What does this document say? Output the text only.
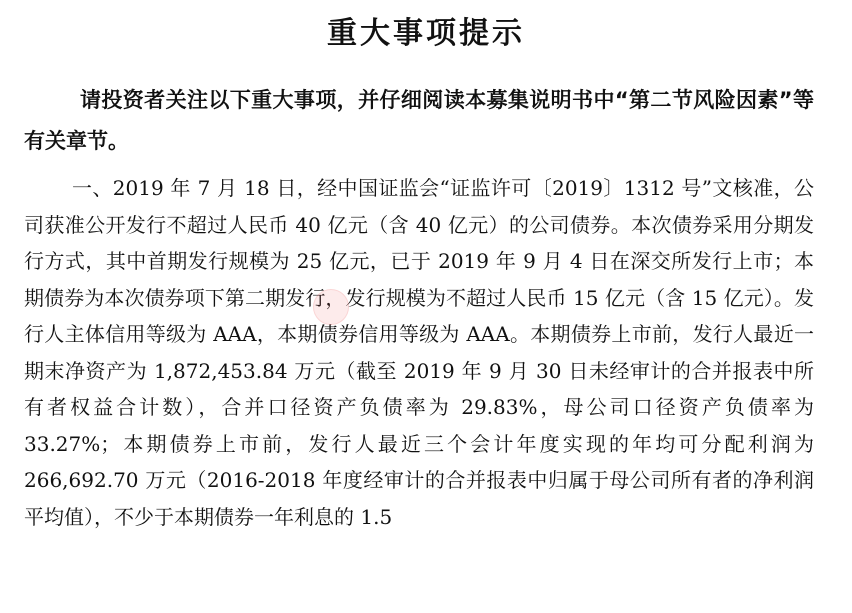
重大事项提示
请投资者关注以下重大事项，并仔细阅读本募集说明书中“第二节风险因素”等有关章节。
一、2019 年 7 月 18 日，经中国证监会“证监许可〔2019〕1312 号”文核准，公司获准公开发行不超过人民币 40 亿元（含 40 亿元）的公司债券。本次债券采用分期发行方式，其中首期发行规模为 25 亿元，已于 2019 年 9 月 4 日在深交所发行上市；本期债券为本次债券项下第二期发行，发行规模为不超过人民币 15 亿元（含 15 亿元）。发行人主体信用等级为 AAA，本期债券信用等级为 AAA。本期债券上市前，发行人最近一期末净资产为 1,872,453.84 万元（截至 2019 年 9 月 30 日未经审计的合并报表中所有者权益合计数），合并口径资产负债率为 29.83%，母公司口径资产负债率为 33.27%；本期债券上市前，发行人最近三个会计年度实现的年均可分配利润为 266,692.70 万元（2016-2018 年度经审计的合并报表中归属于母公司所有者的净利润平均值），不少于本期债券一年利息的 1.5
